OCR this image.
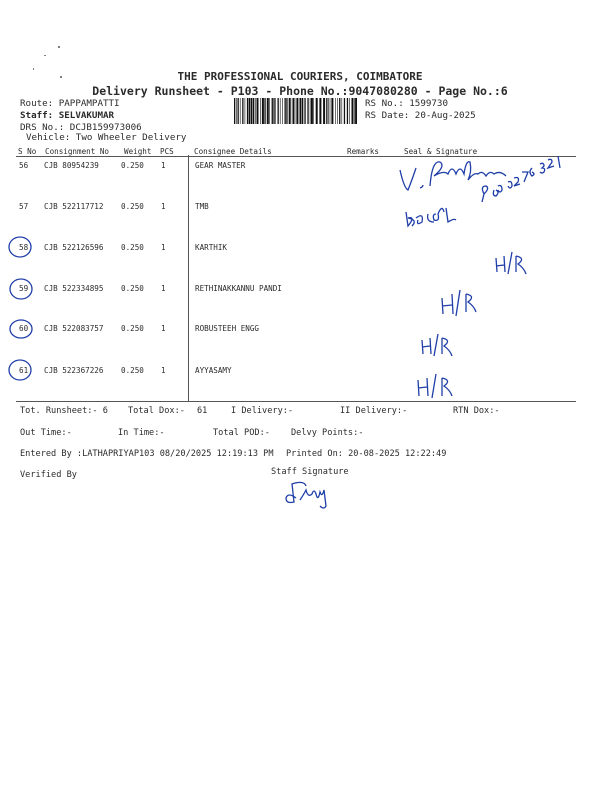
THE PROFESSIONAL COURIERS, COIMBATORE
Delivery Runsheet - P103 - Phone No.:9047080280 - Page No.:6
Route: PAPPAMPATTI
Staff: SELVAKUMAR
DRS No.: DCJB159973006
Vehicle: Two Wheeler Delivery
RS No.: 1599730
RS Date: 20-Aug-2025
S No Consignment No Weight PCS	Consignee Details	Remarks	Seal & Signature
56 CJB 80954239	0.250 1	GEAR MASTER
57 CJB 522117712 0.250 1	TMB
58 CJB 522126596 0.250 1	KARTHIK
59 CJB 522334895 0.250 1	RETHINAKKANNU PANDI
60 CJB 522083757 0.250 1	ROBUSTEEH ENGG
61 CJB 522367226 0.250 1	AYYASAMY
Tot. Runsheet:- 6 Total Dox:- 61	I Delivery:-	II Delivery:-	RTN Dox:-
Out Time:-	In Time:-	Total POD:- Delvy Points:-
Entered By :LATHAPRIYAP103 08/20/2025 12:19:13 PM Printed On: 20-08-2025 12:22:49
Verified By	Staff Signature
